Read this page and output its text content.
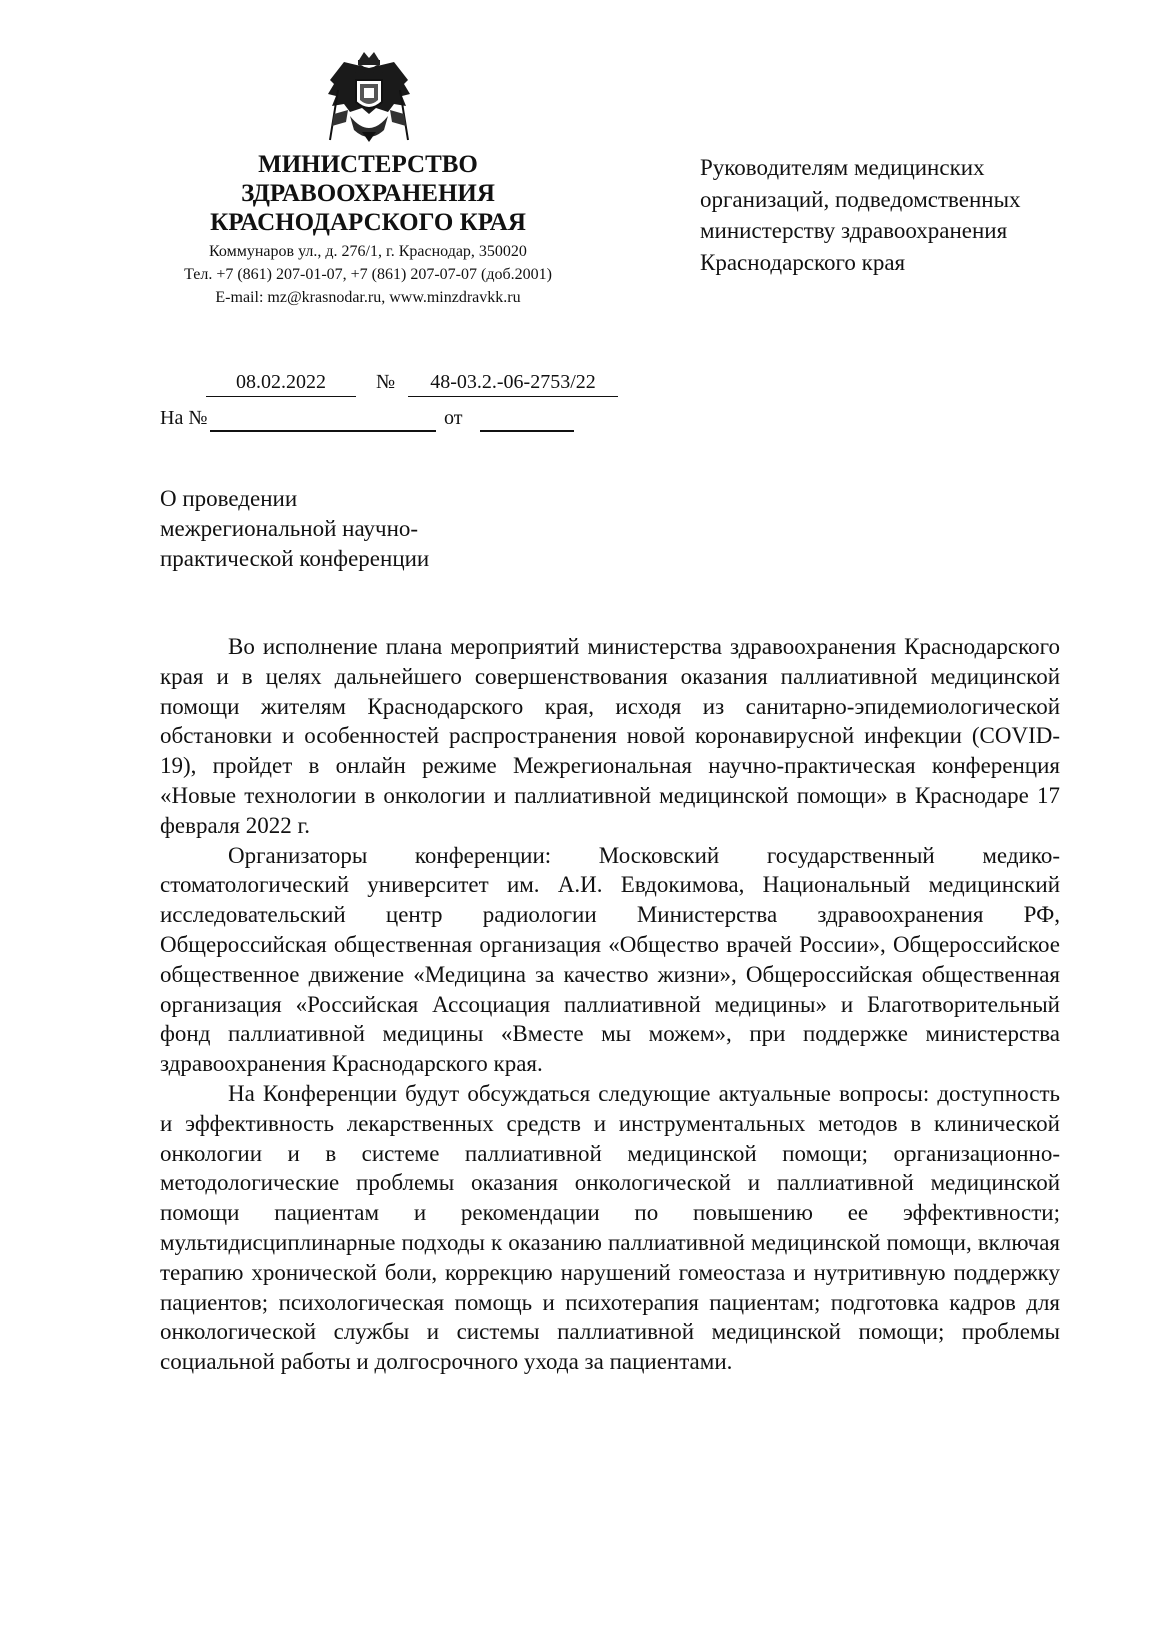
МИНИСТЕРСТВО
ЗДРАВООХРАНЕНИЯ
КРАСНОДАРСКОГО КРАЯ
Коммунаров ул., д. 276/1, г. Краснодар, 350020
Тел. +7 (861) 207-01-07, +7 (861) 207-07-07 (доб.2001)
E-mail: mz@krasnodar.ru, www.minzdravkk.ru
Руководителям медицинских
организаций, подведомственных
министерству здравоохранения
Краснодарского края
08.02.2022	№	48-03.2.-06-2753/22
На №	от
О проведении
межрегиональной научно-
практической конференции

Во исполнение плана мероприятий министерства здравоохранения Краснодарского края и в целях дальнейшего совершенствования оказания паллиативной медицинской помощи жителям Краснодарского края, исходя из санитарно-эпидемиологической обстановки и особенностей распространения новой коронавирусной инфекции (COVID-19), пройдет в онлайн режиме Межрегиональная научно-практическая конференция «Новые технологии в онкологии и паллиативной медицинской помощи» в Краснодаре 17 февраля 2022 г.

Организаторы конференции: Московский государственный медико-стоматологический университет им. А.И. Евдокимова, Национальный медицинский исследовательский центр радиологии Министерства здравоохранения РФ, Общероссийская общественная организация «Общество врачей России», Общероссийское общественное движение «Медицина за качество жизни», Общероссийская общественная организация «Российская Ассоциация паллиативной медицины» и Благотворительный фонд паллиативной медицины «Вместе мы можем», при поддержке министерства здравоохранения Краснодарского края.

На Конференции будут обсуждаться следующие актуальные вопросы: доступность и эффективность лекарственных средств и инструментальных методов в клинической онкологии и в системе паллиативной медицинской помощи; организационно-методологические проблемы оказания онкологической и паллиативной медицинской помощи пациентам и рекомендации по повышению ее эффективности; мультидисциплинарные подходы к оказанию паллиативной медицинской помощи, включая терапию хронической боли, коррекцию нарушений гомеостаза и нутритивную поддержку пациентов; психологическая помощь и психотерапия пациентам; подготовка кадров для онкологической службы и системы паллиативной медицинской помощи; проблемы социальной работы и долгосрочного ухода за пациентами.
